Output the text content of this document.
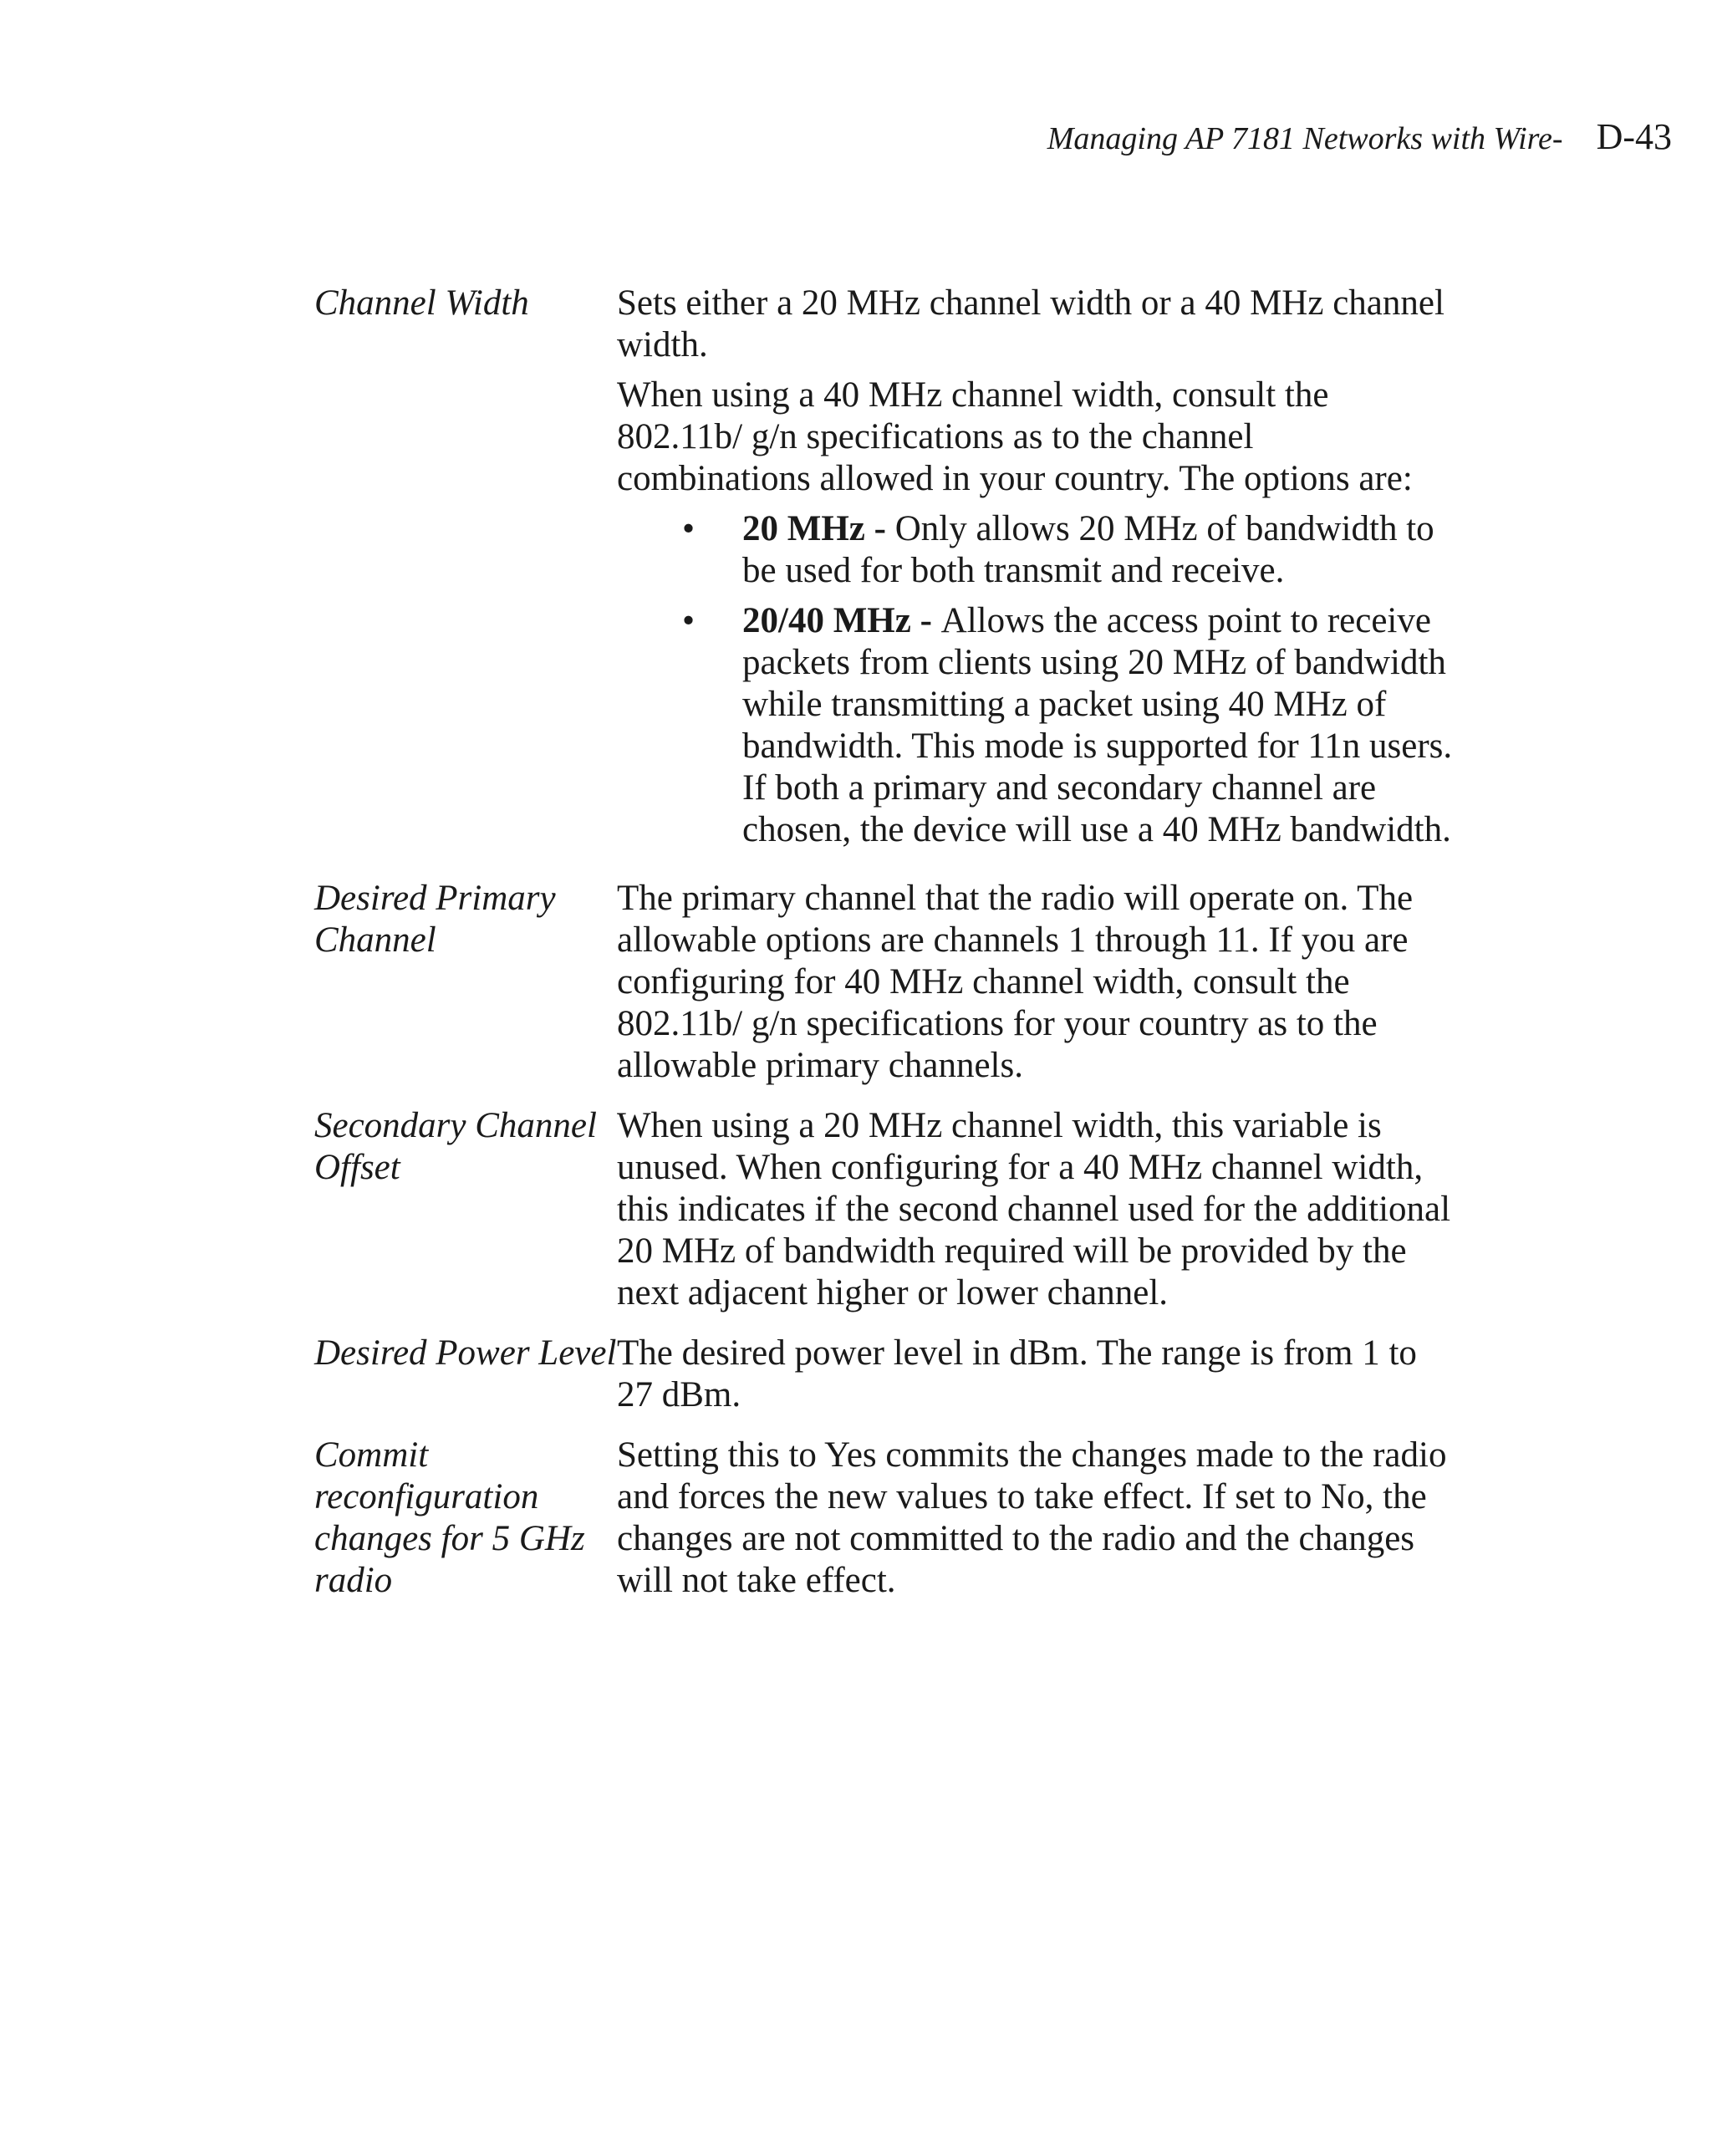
Managing AP 7181 Networks with Wire- D-43
Channel Width	Sets either a 20 MHz channel width or a 40 MHz channel width.

When using a 40 MHz channel width, consult the 802.11b/ g/n specifications as to the channel combinations allowed in your country. The options are:

• 20 MHz - Only allows 20 MHz of bandwidth to be used for both transmit and receive.
• 20/40 MHz - Allows the access point to receive packets from clients using 20 MHz of bandwidth while transmitting a packet using 40 MHz of bandwidth. This mode is supported for 11n users. If both a primary and secondary channel are chosen, the device will use a 40 MHz bandwidth.
Desired Primary Channel

The primary channel that the radio will operate on. The allowable options are channels 1 through 11. If you are configuring for 40 MHz channel width, consult the 802.11b/ g/n specifications for your country as to the allowable primary channels.

Secondary Channel Offset

When using a 20 MHz channel width, this variable is unused. When configuring for a 40 MHz channel width, this indicates if the second channel used for the additional 20 MHz of bandwidth required will be provided by the next adjacent higher or lower channel.

Desired Power Level The desired power level in dBm. The range is from 1 to 27 dBm.

Commit reconfiguration changes for 5 GHz radio

Setting this to Yes commits the changes made to the radio and forces the new values to take effect. If set to No, the changes are not committed to the radio and the changes will not take effect.
